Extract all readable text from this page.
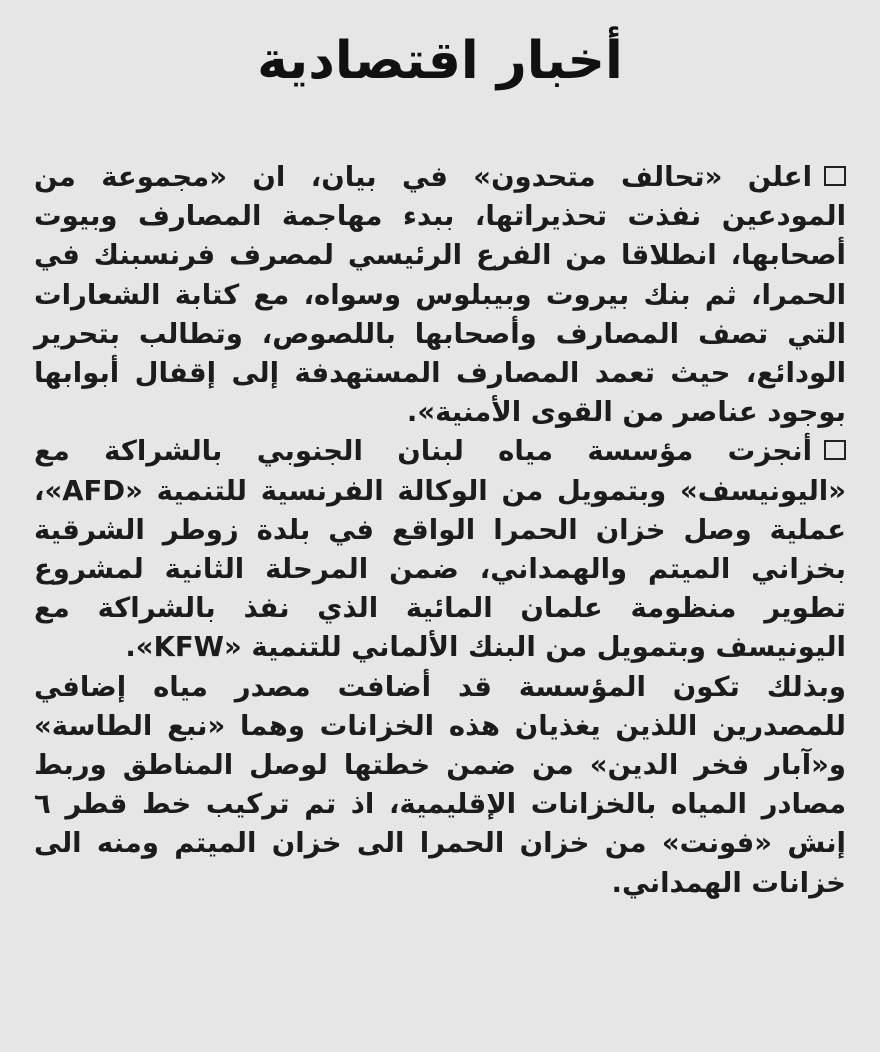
أخبار اقتصادية

اعلن «تحالف متحدون» في بيان، ان «مجموعة من المودعين نفذت تحذيراتها، ببدء مهاجمة المصارف وبيوت أصحابها، انطلاقا من الفرع الرئيسي لمصرف فرنسبنك في الحمرا، ثم بنك بيروت وبيبلوس وسواه، مع كتابة الشعارات التي تصف المصارف وأصحابها باللصوص، وتطالب بتحرير الودائع، حيث تعمد المصارف المستهدفة إلى إقفال أبوابها بوجود عناصر من القوى الأمنية».

أنجزت مؤسسة مياه لبنان الجنوبي بالشراكة مع «اليونيسف» وبتمويل من الوكالة الفرنسية للتنمية «AFD»، عملية وصل خزان الحمرا الواقع في بلدة زوطر الشرقية بخزاني الميتم والهمداني، ضمن المرحلة الثانية لمشروع تطوير منظومة علمان المائية الذي نفذ بالشراكة مع اليونيسف وبتمويل من البنك الألماني للتنمية «KFW».

وبذلك تكون المؤسسة قد أضافت مصدر مياه إضافي للمصدرين اللذين يغذيان هذه الخزانات وهما «نبع الطاسة» و«آبار فخر الدين» من ضمن خطتها لوصل المناطق وربط مصادر المياه بالخزانات الإقليمية، اذ تم تركيب خط قطر ٦ إنش «فونت» من خزان الحمرا الى خزان الميتم ومنه الى خزانات الهمداني.
